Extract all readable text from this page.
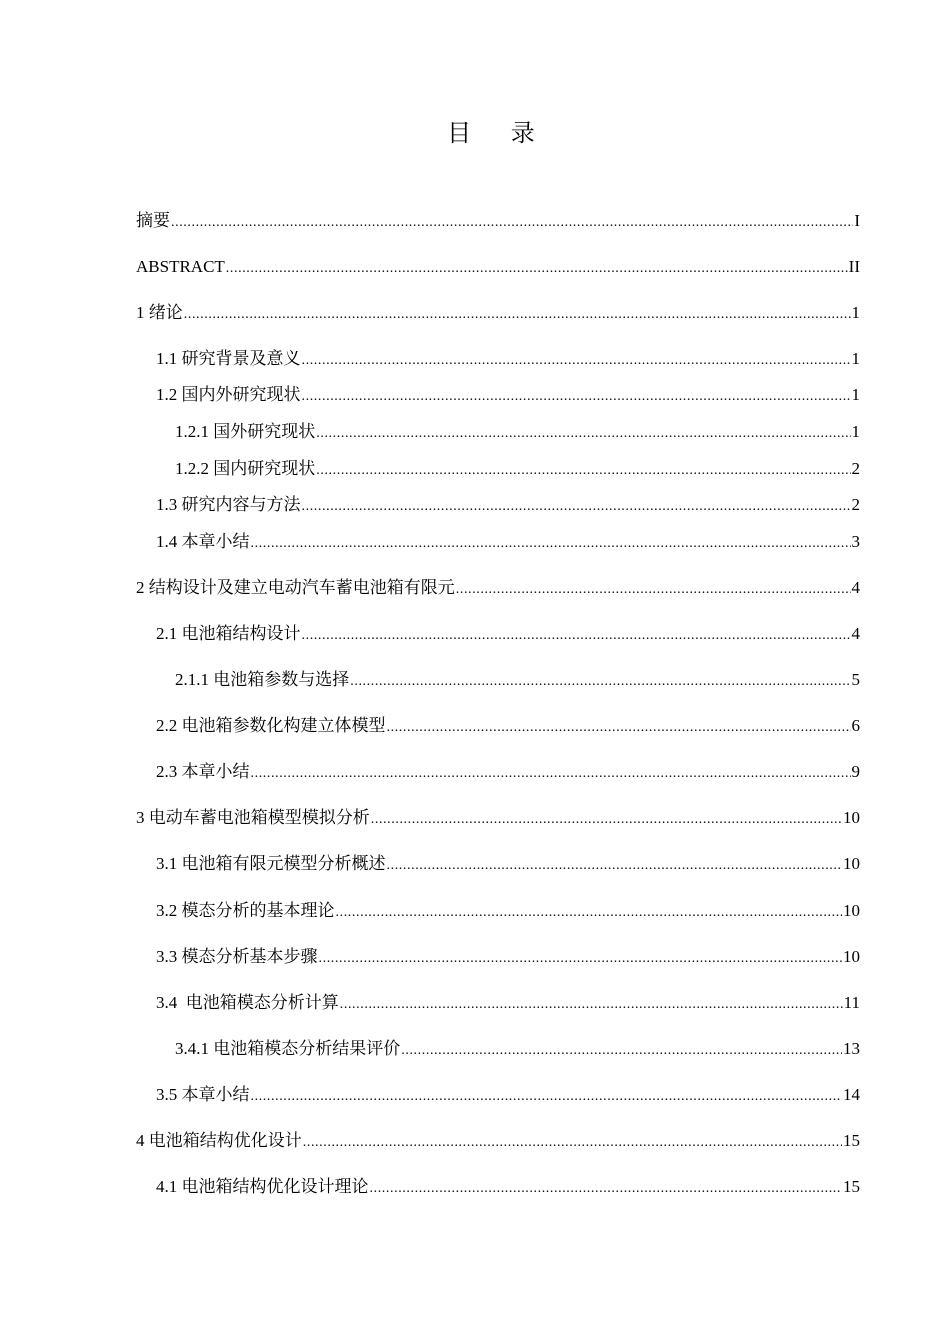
目 录
摘要 .....	I
ABSTRACT .....	II
1 绪论 .....	1
1.1 研究背景及意义 .....	1
1.2 国内外研究现状 .....	1
1.2.1 国外研究现状 .....	1
1.2.2 国内研究现状 .....	2
1.3 研究内容与方法 .....	2
1.4 本章小结 .....	3
2 结构设计及建立电动汽车蓄电池箱有限元 .....	4
2.1 电池箱结构设计 .....	4
2.1.1 电池箱参数与选择 .....	5
2.2 电池箱参数化构建立体模型 .....	6
2.3 本章小结 .....	9
3 电动车蓄电池箱模型模拟分析 .....	10
3.1 电池箱有限元模型分析概述 .....	10
3.2 模态分析的基本理论 .....	10
3.3 模态分析基本步骤 .....	10
3.4  电池箱模态分析计算 .....	11
3.4.1 电池箱模态分析结果评价 .....	13
3.5 本章小结 .....	14
4 电池箱结构优化设计 .....	15
4.1 电池箱结构优化设计理论 .....	15
